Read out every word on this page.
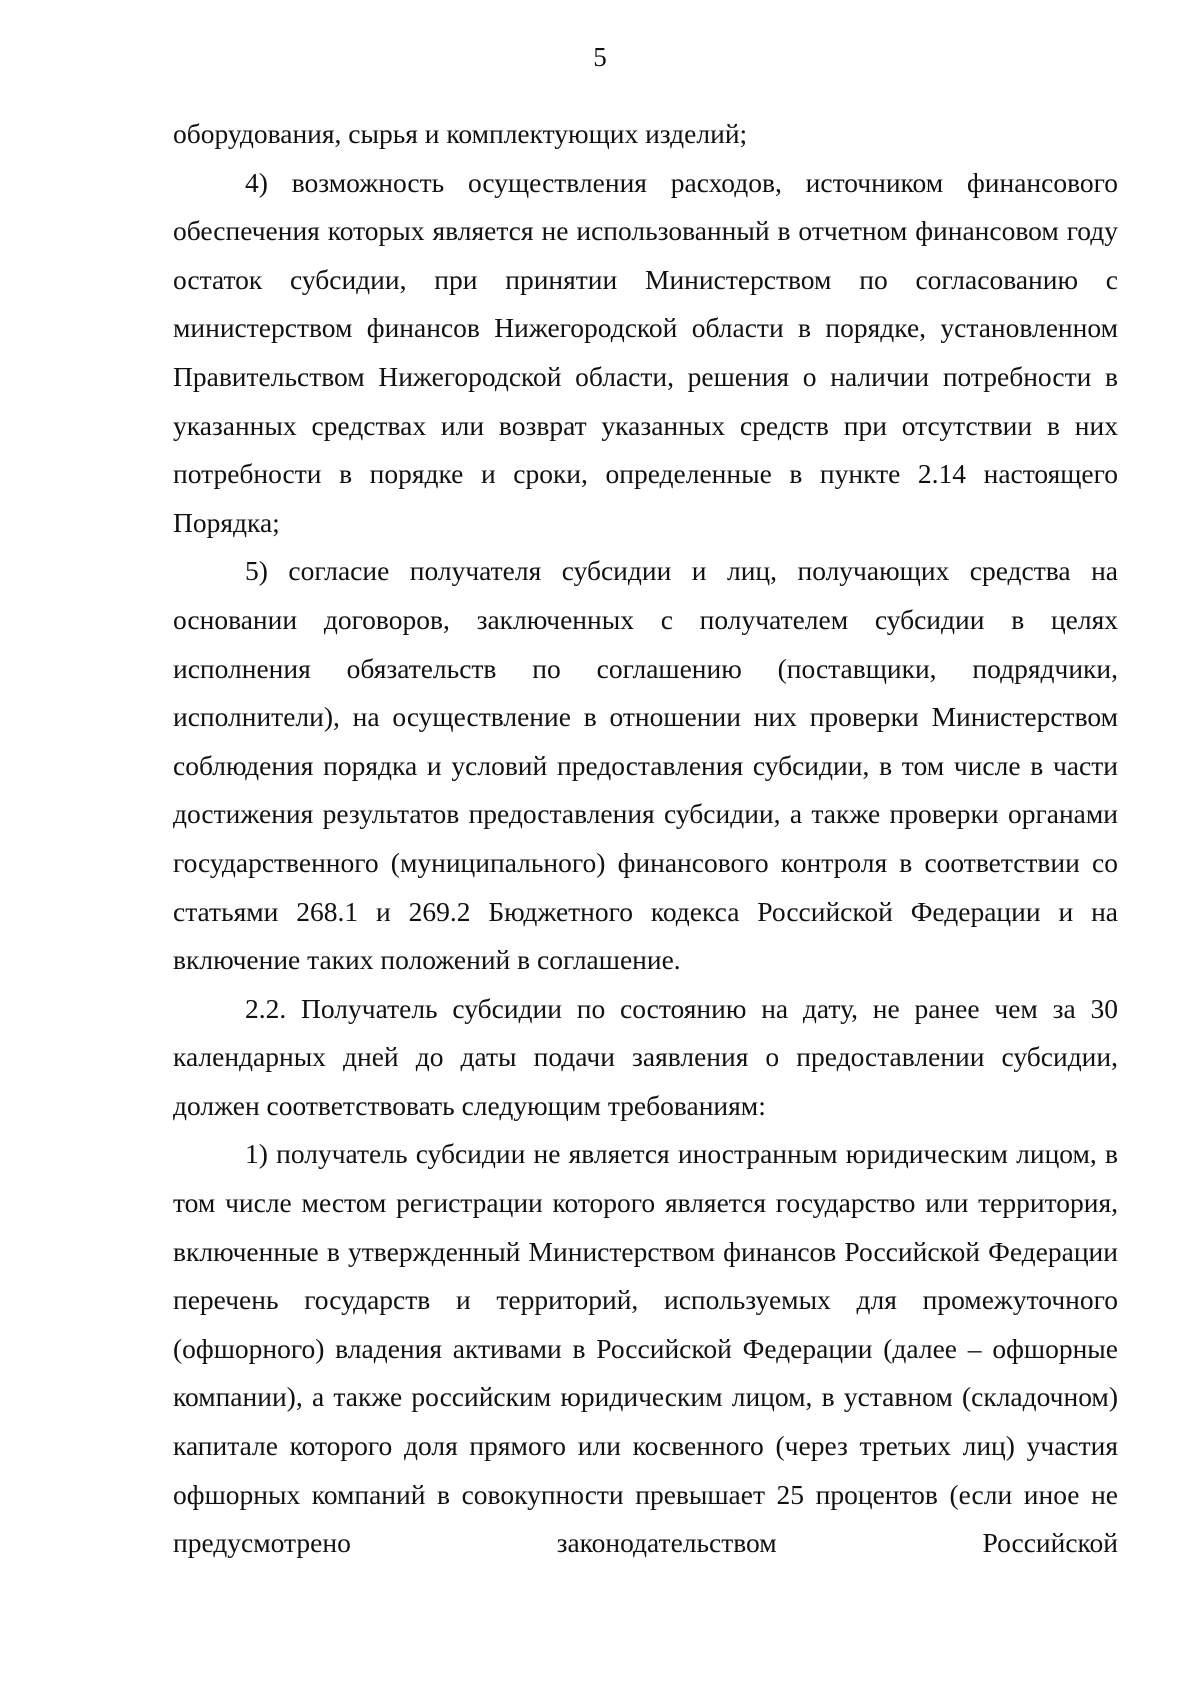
5

оборудования, сырья и комплектующих изделий;

4) возможность осуществления расходов, источником финансового обеспечения которых является не использованный в отчетном финансовом году остаток субсидии, при принятии Министерством по согласованию с министерством финансов Нижегородской области в порядке, установленном Правительством Нижегородской области, решения о наличии потребности в указанных средствах или возврат указанных средств при отсутствии в них потребности в порядке и сроки, определенные в пункте 2.14 настоящего Порядка;

5) согласие получателя субсидии и лиц, получающих средства на основании договоров, заключенных с получателем субсидии в целях исполнения обязательств по соглашению (поставщики, подрядчики, исполнители), на осуществление в отношении них проверки Министерством соблюдения порядка и условий предоставления субсидии, в том числе в части достижения результатов предоставления субсидии, а также проверки органами государственного (муниципального) финансового контроля в соответствии со статьями 268.1 и 269.2 Бюджетного кодекса Российской Федерации и на включение таких положений в соглашение.

2.2. Получатель субсидии по состоянию на дату, не ранее чем за 30 календарных дней до даты подачи заявления о предоставлении субсидии, должен соответствовать следующим требованиям:

1) получатель субсидии не является иностранным юридическим лицом, в том числе местом регистрации которого является государство или территория, включенные в утвержденный Министерством финансов Российской Федерации перечень государств и территорий, используемых для промежуточного (офшорного) владения активами в Российской Федерации (далее – офшорные компании), а также российским юридическим лицом, в уставном (складочном) капитале которого доля прямого или косвенного (через третьих лиц) участия офшорных компаний в совокупности превышает 25 процентов (если иное не предусмотрено законодательством Российской
